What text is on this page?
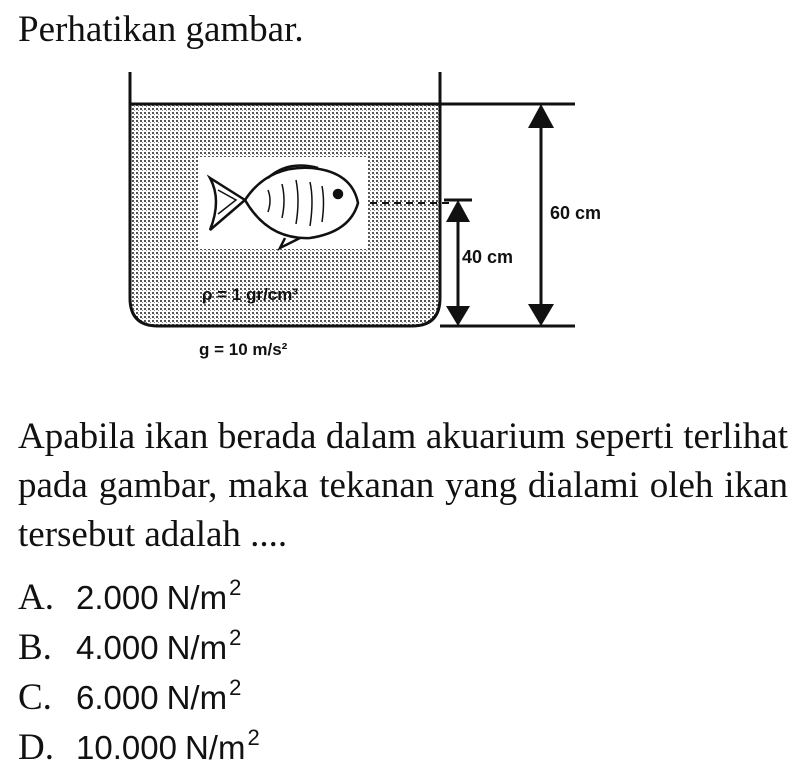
Perhatikan gambar.
40 cm
60 cm
ρ = 1 gr/cm³
g = 10 m/s²
Apabila ikan berada dalam akuarium seperti terlihat pada gambar, maka tekanan yang dialami oleh ikan tersebut adalah ....
A. 2.000 $N/m^2$
B. 4.000 $N/m^2$
C. 6.000 $N/m^2$
D. 10.000 $N/m^2$
